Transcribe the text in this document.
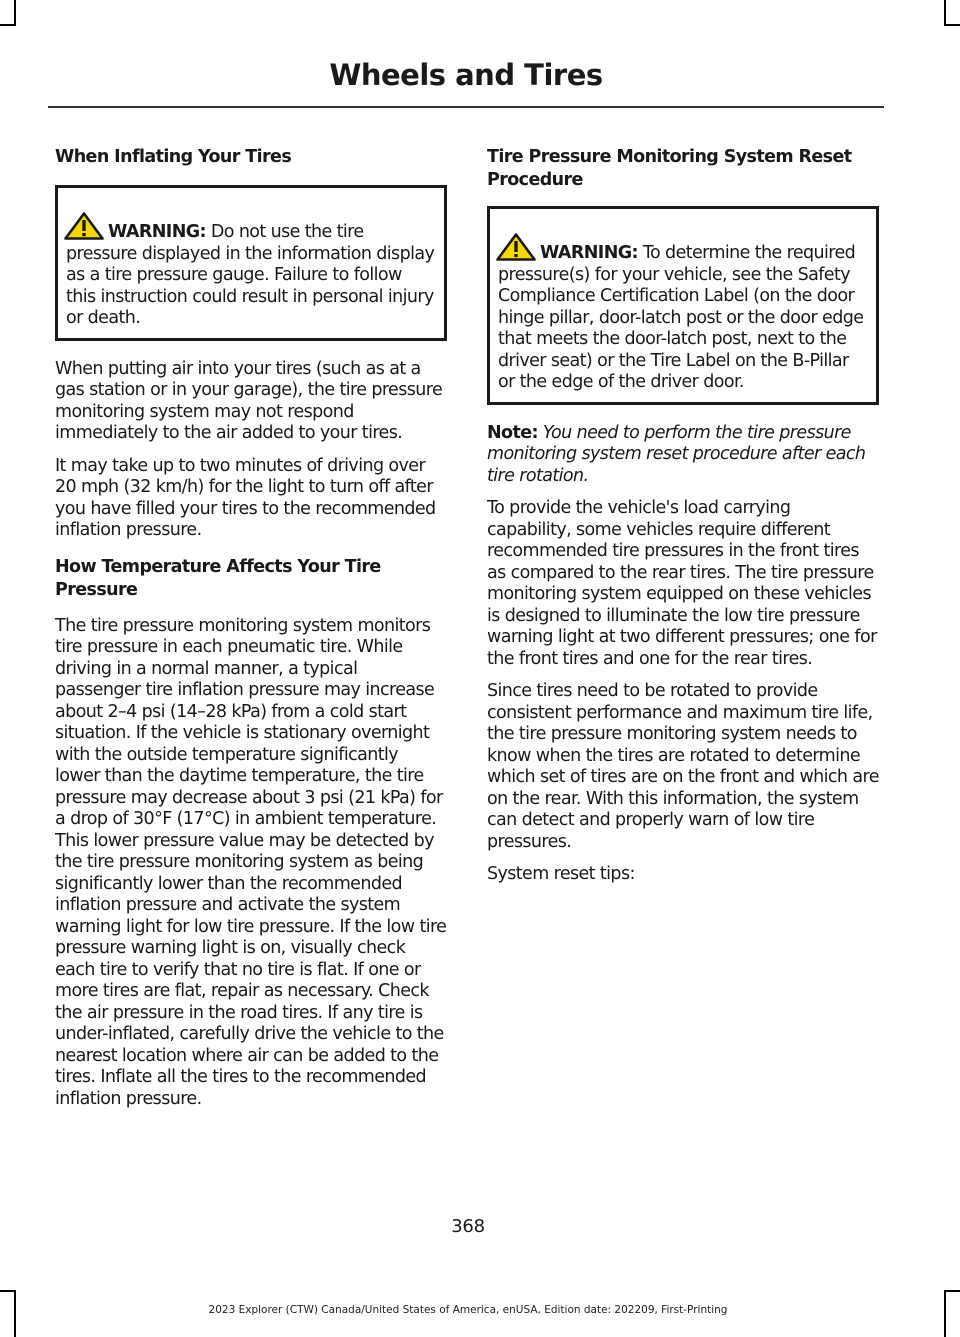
Wheels and Tires
When Inflating Your Tires
WARNING: Do not use the tire pressure displayed in the information display as a tire pressure gauge. Failure to follow this instruction could result in personal injury or death.

When putting air into your tires (such as at a gas station or in your garage), the tire pressure monitoring system may not respond immediately to the air added to your tires.

It may take up to two minutes of driving over 20 mph (32 km/h) for the light to turn off after you have filled your tires to the recommended inflation pressure.

How Temperature Affects Your Tire Pressure

The tire pressure monitoring system monitors tire pressure in each pneumatic tire. While driving in a normal manner, a typical passenger tire inflation pressure may increase about 2–4 psi (14–28 kPa) from a cold start situation. If the vehicle is stationary overnight with the outside temperature significantly lower than the daytime temperature, the tire pressure may decrease about 3 psi (21 kPa) for a drop of 30°F (17°C) in ambient temperature. This lower pressure value may be detected by the tire pressure monitoring system as being significantly lower than the recommended inflation pressure and activate the system warning light for low tire pressure. If the low tire pressure warning light is on, visually check each tire to verify that no tire is flat. If one or more tires are flat, repair as necessary. Check the air pressure in the road tires. If any tire is under-inflated, carefully drive the vehicle to the nearest location where air can be added to the tires. Inflate all the tires to the recommended inflation pressure.

Tire Pressure Monitoring System Reset Procedure
WARNING: To determine the required pressure(s) for your vehicle, see the Safety Compliance Certification Label (on the door hinge pillar, door-latch post or the door edge that meets the door-latch post, next to the driver seat) or the Tire Label on the B-Pillar or the edge of the driver door.

Note: You need to perform the tire pressure monitoring system reset procedure after each tire rotation.

To provide the vehicle's load carrying capability, some vehicles require different recommended tire pressures in the front tires as compared to the rear tires. The tire pressure monitoring system equipped on these vehicles is designed to illuminate the low tire pressure warning light at two different pressures; one for the front tires and one for the rear tires.

Since tires need to be rotated to provide consistent performance and maximum tire life, the tire pressure monitoring system needs to know when the tires are rotated to determine which set of tires are on the front and which are on the rear. With this information, the system can detect and properly warn of low tire pressures.

System reset tips:

368
2023 Explorer (CTW) Canada/United States of America, enUSA, Edition date: 202209, First-Printing
